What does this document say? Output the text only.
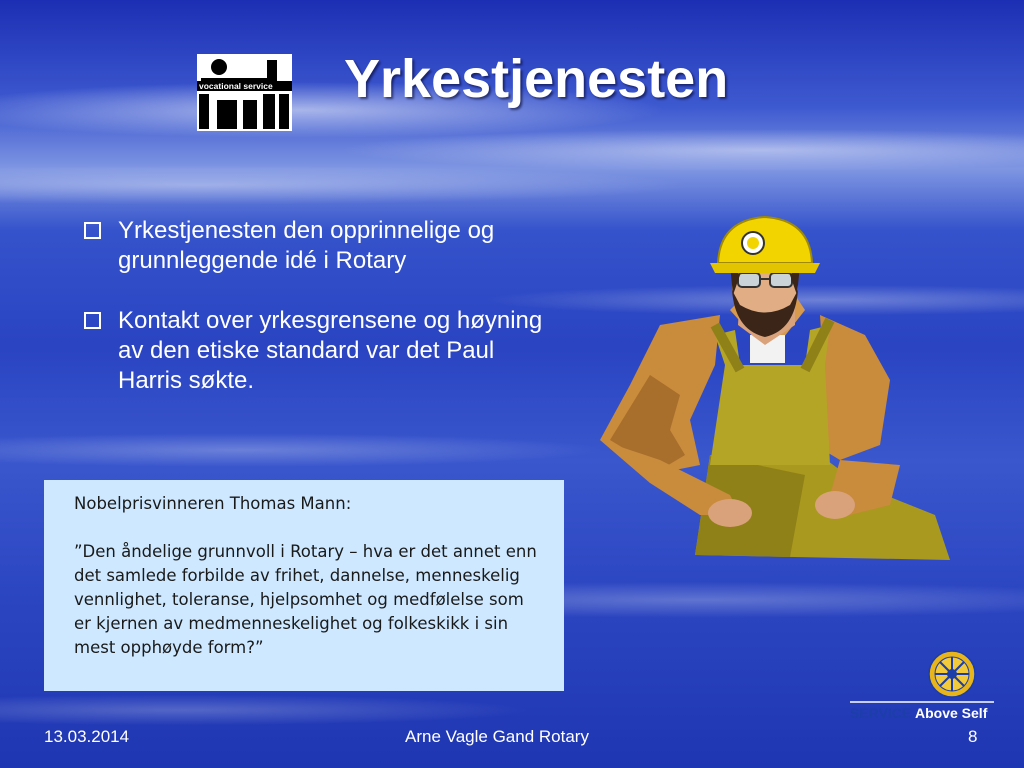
vocational service Yrkestjenesten
Yrkestjenesten den opprinnelige og grunnleggende idé i Rotary
Kontakt over yrkesgrensene og høyning av den etiske standard var det Paul Harris søkte.

Nobelprisvinneren Thomas Mann:

”Den åndelige grunnvoll i Rotary – hva er det annet enn det samlede forbilde av frihet, dannelse, menneskelig vennlighet, toleranse, hjelpsomhet og medfølelse som er kjernen av medmenneskelighet og folkeskikk i sin mest opphøyde form?”

SERVICE Above Self
13.03.2014	Arne Vagle Gand Rotary	8
